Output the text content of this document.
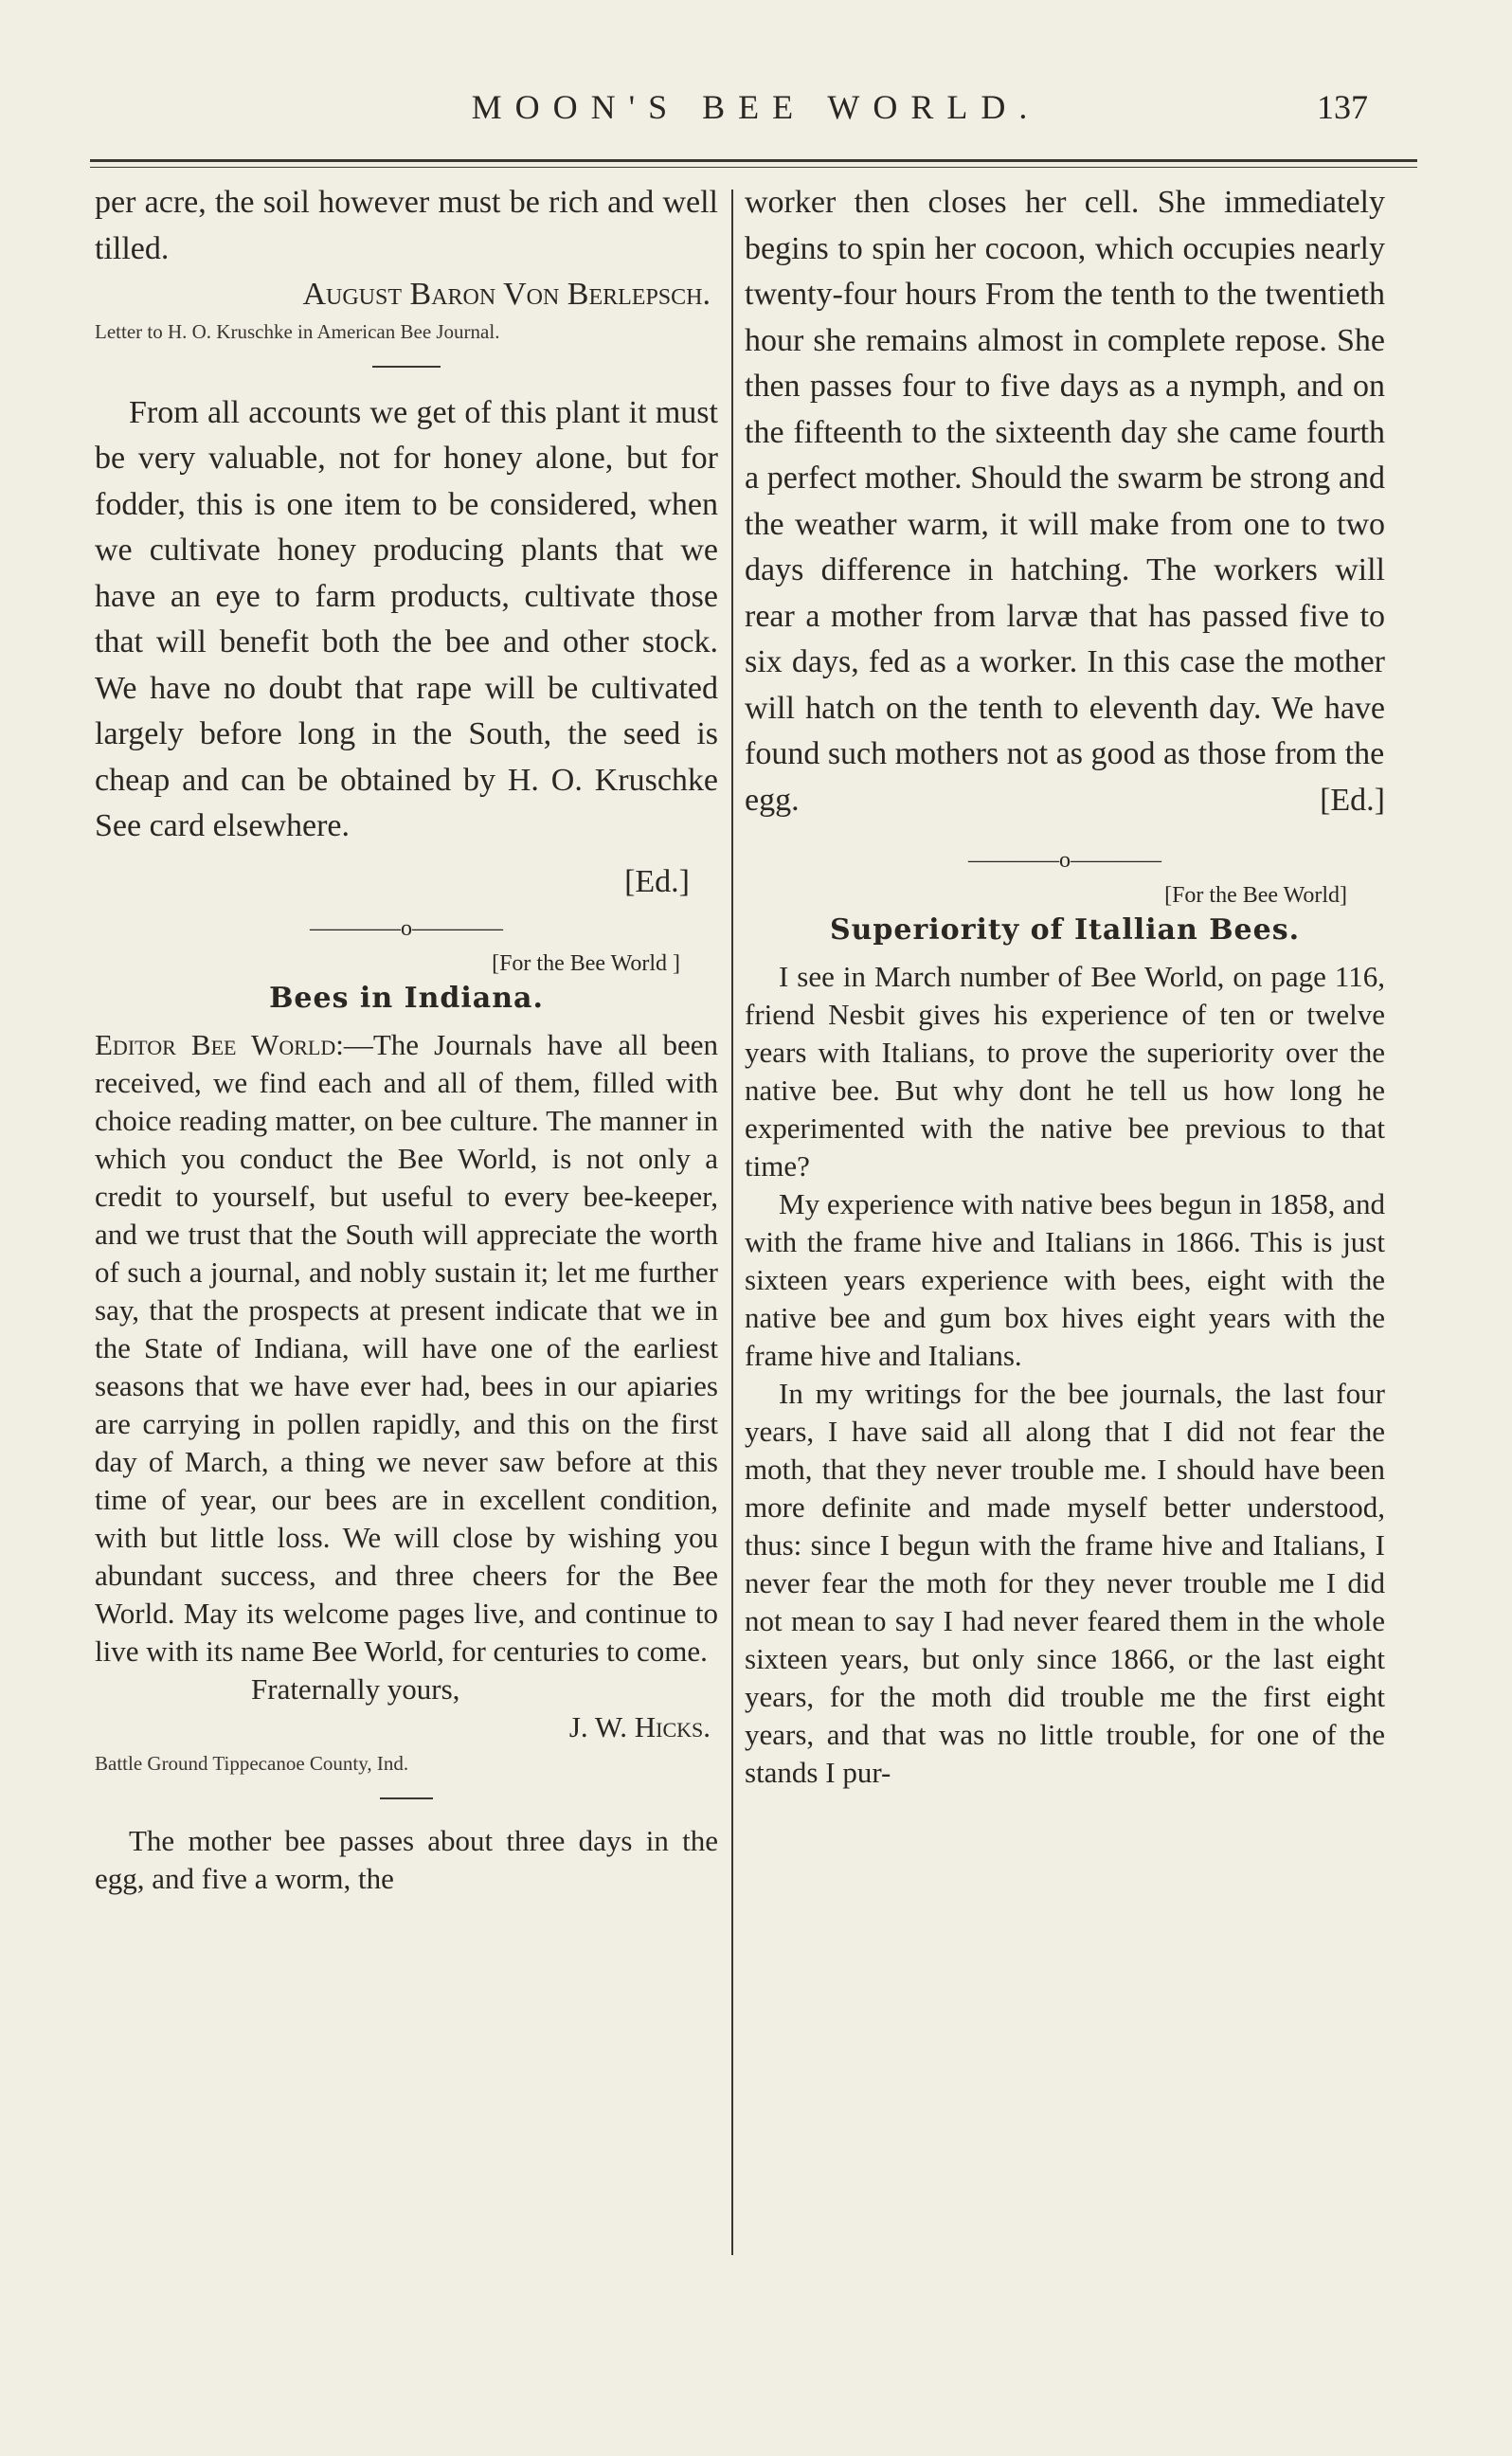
MOON'S BEE WORLD.	137

per acre, the soil however must be rich and well tilled.

August Baron Von Berlepsch.

Letter to H. O. Kruschke in American Bee Journal.

From all accounts we get of this plant it must be very valuable, not for honey alone, but for fodder, this is one item to be considered, when we cultivate honey producing plants that we have an eye to farm products, cultivate those that will benefit both the bee and other stock. We have no doubt that rape will be cultivated largely before long in the South, the seed is cheap and can be obtained by H. O. Kruschke See card elsewhere.

[Ed.]

————o————
[For the Bee World ]
Bees in Indiana.

Editor Bee World:—The Journals have all been received, we find each and all of them, filled with choice reading matter, on bee culture. The manner in which you conduct the Bee World, is not only a credit to yourself, but useful to every bee-keeper, and we trust that the South will appreciate the worth of such a journal, and nobly sustain it; let me further say, that the prospects at present indicate that we in the State of Indiana, will have one of the earliest seasons that we have ever had, bees in our apiaries are carrying in pollen rapidly, and this on the first day of March, a thing we never saw before at this time of year, our bees are in excellent condition, with but little loss. We will close by wishing you abundant success, and three cheers for the Bee World. May its welcome pages live, and continue to live with its name Bee World, for centuries to come.

Fraternally yours,

J. W. Hicks.

Battle Ground Tippecanoe County, Ind.

The mother bee passes about three days in the egg, and five a worm, the

worker then closes her cell. She immediately begins to spin her cocoon, which occupies nearly twenty-four hours From the tenth to the twentieth hour she remains almost in complete repose. She then passes four to five days as a nymph, and on the fifteenth to the sixteenth day she came fourth a perfect mother. Should the swarm be strong and the weather warm, it will make from one to two days difference in hatching. The workers will rear a mother from larvæ that has passed five to six days, fed as a worker. In this case the mother will hatch on the tenth to eleventh day. We have found such mothers not as good as those from the

egg.	[Ed.]
————o————
[For the Bee World]
Superiority of Itallian Bees.

I see in March number of Bee World, on page 116, friend Nesbit gives his experience of ten or twelve years with Italians, to prove the superiority over the native bee. But why dont he tell us how long he experimented with the native bee previous to that time?

My experience with native bees begun in 1858, and with the frame hive and Italians in 1866. This is just sixteen years experience with bees, eight with the native bee and gum box hives eight years with the frame hive and Italians.

In my writings for the bee journals, the last four years, I have said all along that I did not fear the moth, that they never trouble me. I should have been more definite and made myself better understood, thus: since I begun with the frame hive and Italians, I never fear the moth for they never trouble me I did not mean to say I had never feared them in the whole sixteen years, but only since 1866, or the last eight years, for the moth did trouble me the first eight years, and that was no little trouble, for one of the stands I pur-
